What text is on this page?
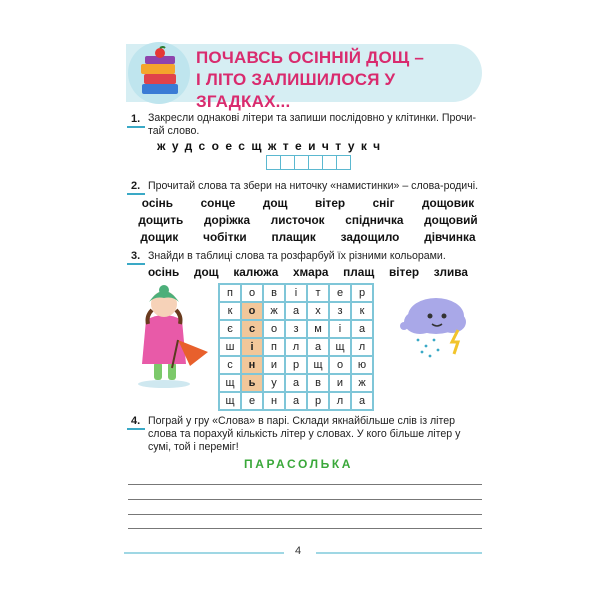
ПОЧАВСЬ ОСІННІЙ ДОЩ –
І ЛІТО ЗАЛИШИЛОСЯ У ЗГАДКАХ...
1. Закресли однакові літери та запиши послідовно у клітинки. Прочи-
тай слово.
жудсоесщжтеичтукч
2. Прочитай слова та збери на ниточку «намистинки» – слова-родичі.
осінь сонце дощ вітер сніг дощовик
дощить доріжка листочок спідничка дощовий
дощик чобітки плащик задощило дівчинка
3. Знайди в таблиці слова та розфарбуй їх різними кольорами.
осінь дощ калюжа хмара плащ вітер злива
п	о	в	і	т	е	р
к	о	ж	а	х	з	к
є	с	о	з	м	і	а
ш	і	п	л	а	щ	л
с	н	и	р	щ	о	ю
щ	ь	у	а	в	и	ж
щ	е	н	а	р	л	а
4. Пограй у гру «Слова» в парі. Склади якнайбільше слів із літер
слова та порахуй кількість літер у словах. У кого більше літер у
сумі, той і переміг!
ПАРАСОЛЬКА
4
